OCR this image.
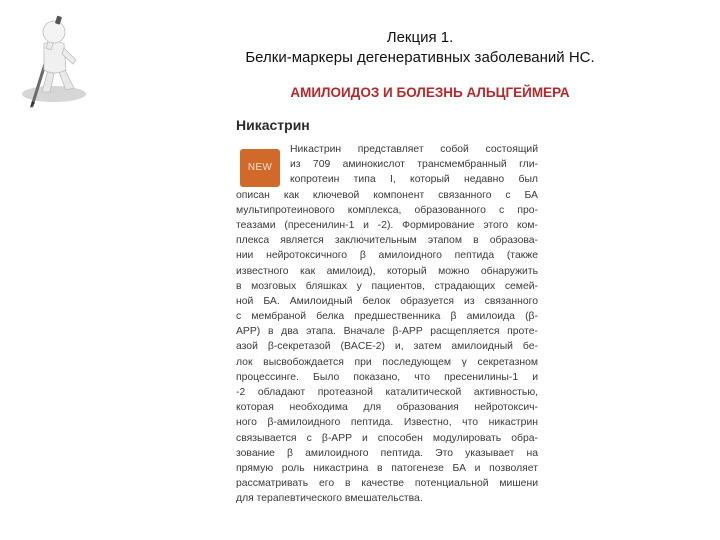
Лекция 1.
Белки-маркеры дегенеративных заболеваний НС.
АМИЛОИДОЗ И БОЛЕЗНЬ АЛЬЦГЕЙМЕРА
Никастрин
NEW
Никастрин представляет собой состоящий
из 709 аминокислот трансмембранный гли-
копротеин типа I, который недавно был
описан как ключевой компонент связанного с БА
мультипротеинового комплекса, образованного с про-
теазами (пресенилин-1 и -2). Формирование этого ком-
плекса является заключительным этапом в образова-
нии нейротоксичного β амилоидного пептида (также
известного как амилоид), который можно обнаружить
в мозговых бляшках у пациентов, страдающих семей-
ной БА. Амилоидный белок образуется из связанного
с мембраной белка предшественника β амилоида (β-
APP) в два этапа. Вначале β-APP расщепляется проте-
азой β-секретазой (BACE-2) и, затем амилоидный бе-
лок высвобождается при последующем γ секретазном
процессинге. Было показано, что пресенилины-1 и
-2 обладают протеазной каталитической активностью,
которая необходима для образования нейротоксич-
ного β-амилоидного пептида. Известно, что никастрин
связывается с β-APP и способен модулировать обра-
зование β амилоидного пептида. Это указывает на
прямую роль никастрина в патогенезе БА и позволяет
рассматривать его в качестве потенциальной мишени
для терапевтического вмешательства.
